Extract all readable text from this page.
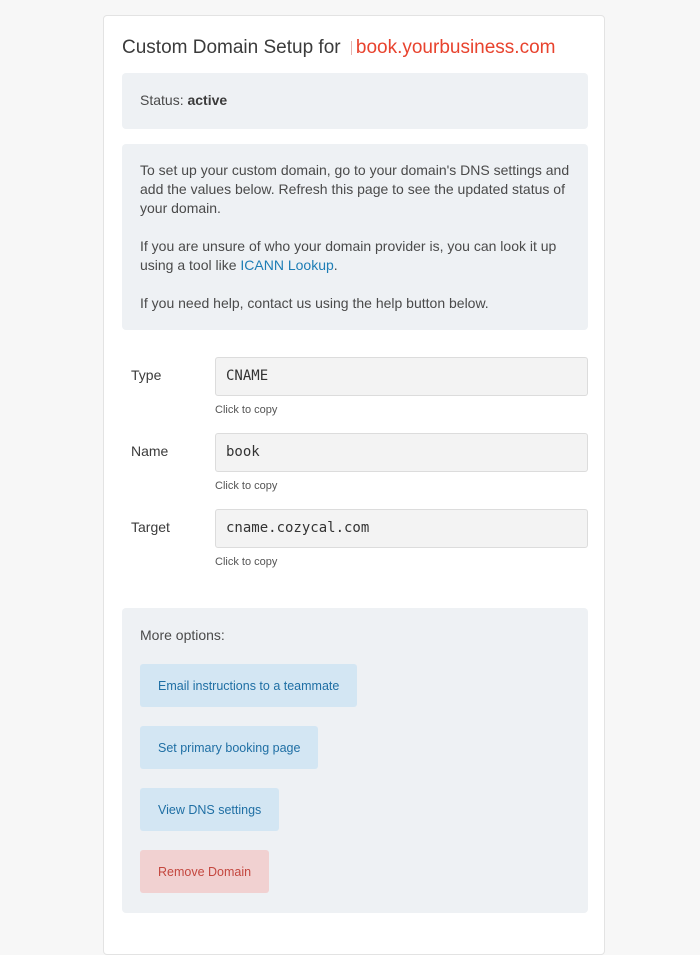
Custom Domain Setup for book.yourbusiness.com
Status: active

To set up your custom domain, go to your domain's DNS settings and add the values below. Refresh this page to see the updated status of your domain.

If you are unsure of who your domain provider is, you can look it up using a tool like ICANN Lookup.

If you need help, contact us using the help button below.

Type	CNAME
Click to copy
Name	book
Click to copy
Target	cname.cozycal.com
Click to copy
More options:
Email instructions to a teammate
Set primary booking page
View DNS settings
Remove Domain
